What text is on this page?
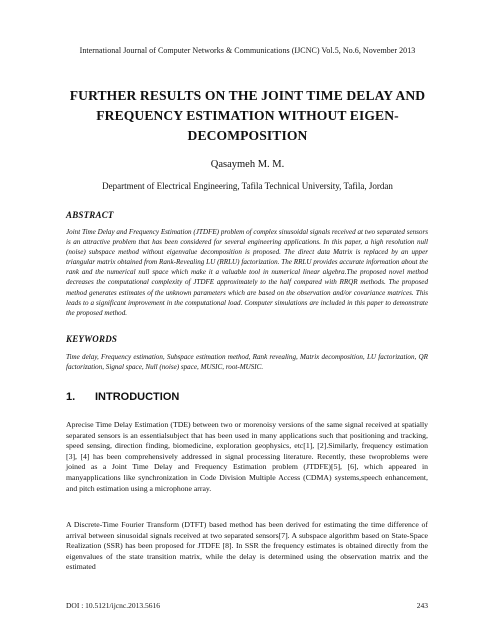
International Journal of Computer Networks & Communications (IJCNC) Vol.5, No.6, November 2013
FURTHER RESULTS ON THE JOINT TIME DELAY AND
FREQUENCY ESTIMATION WITHOUT EIGEN-
DECOMPOSITION
Qasaymeh M. M.
Department of Electrical Engineering, Tafila Technical University, Tafila, Jordan
ABSTRACT
Joint Time Delay and Frequency Estimation (JTDFE) problem of complex sinusoidal signals received at two separated sensors is an attractive problem that has been considered for several engineering applications. In this paper, a high resolution null (noise) subspace method without eigenvalue decomposition is proposed. The direct data Matrix is replaced by an upper triangular matrix obtained from Rank-Revealing LU (RRLU) factorization. The RRLU provides accurate information about the rank and the numerical null space which make it a valuable tool in numerical linear algebra.The proposed novel method decreases the computational complexity of JTDFE approximately to the half compared with RRQR methods. The proposed method generates estimates of the unknown parameters which are based on the observation and/or covariance matrices. This leads to a significant improvement in the computational load. Computer simulations are included in this paper to demonstrate the proposed method.
KEYWORDS
Time delay, Frequency estimation, Subspace estimation method, Rank revealing, Matrix decomposition, LU factorization, QR factorization, Signal space, Null (noise) space, MUSIC, root-MUSIC.
1. INTRODUCTION
Aprecise Time Delay Estimation (TDE) between two or morenoisy versions of the same signal received at spatially separated sensors is an essentialsubject that has been used in many applications such that positioning and tracking, speed sensing, direction finding, biomedicine, exploration geophysics, etc[1], [2].Similarly, frequency estimation [3], [4] has been comprehensively addressed in signal processing literature. Recently, these twoproblems were joined as a Joint Time Delay and Frequency Estimation problem (JTDFE)[5], [6], which appeared in manyapplications like synchronization in Code Division Multiple Access (CDMA) systems,speech enhancement, and pitch estimation using a microphone array.
A Discrete-Time Fourier Transform (DTFT) based method has been derived for estimating the time difference of arrival between sinusoidal signals received at two separated sensors[7]. A subspace algorithm based on State-Space Realization (SSR) has been proposed for JTDFE [8]. In SSR the frequency estimates is obtained directly from the eigenvalues of the state transition matrix, while the delay is determined using the observation matrix and the estimated
DOI : 10.5121/ijcnc.2013.5616	243
